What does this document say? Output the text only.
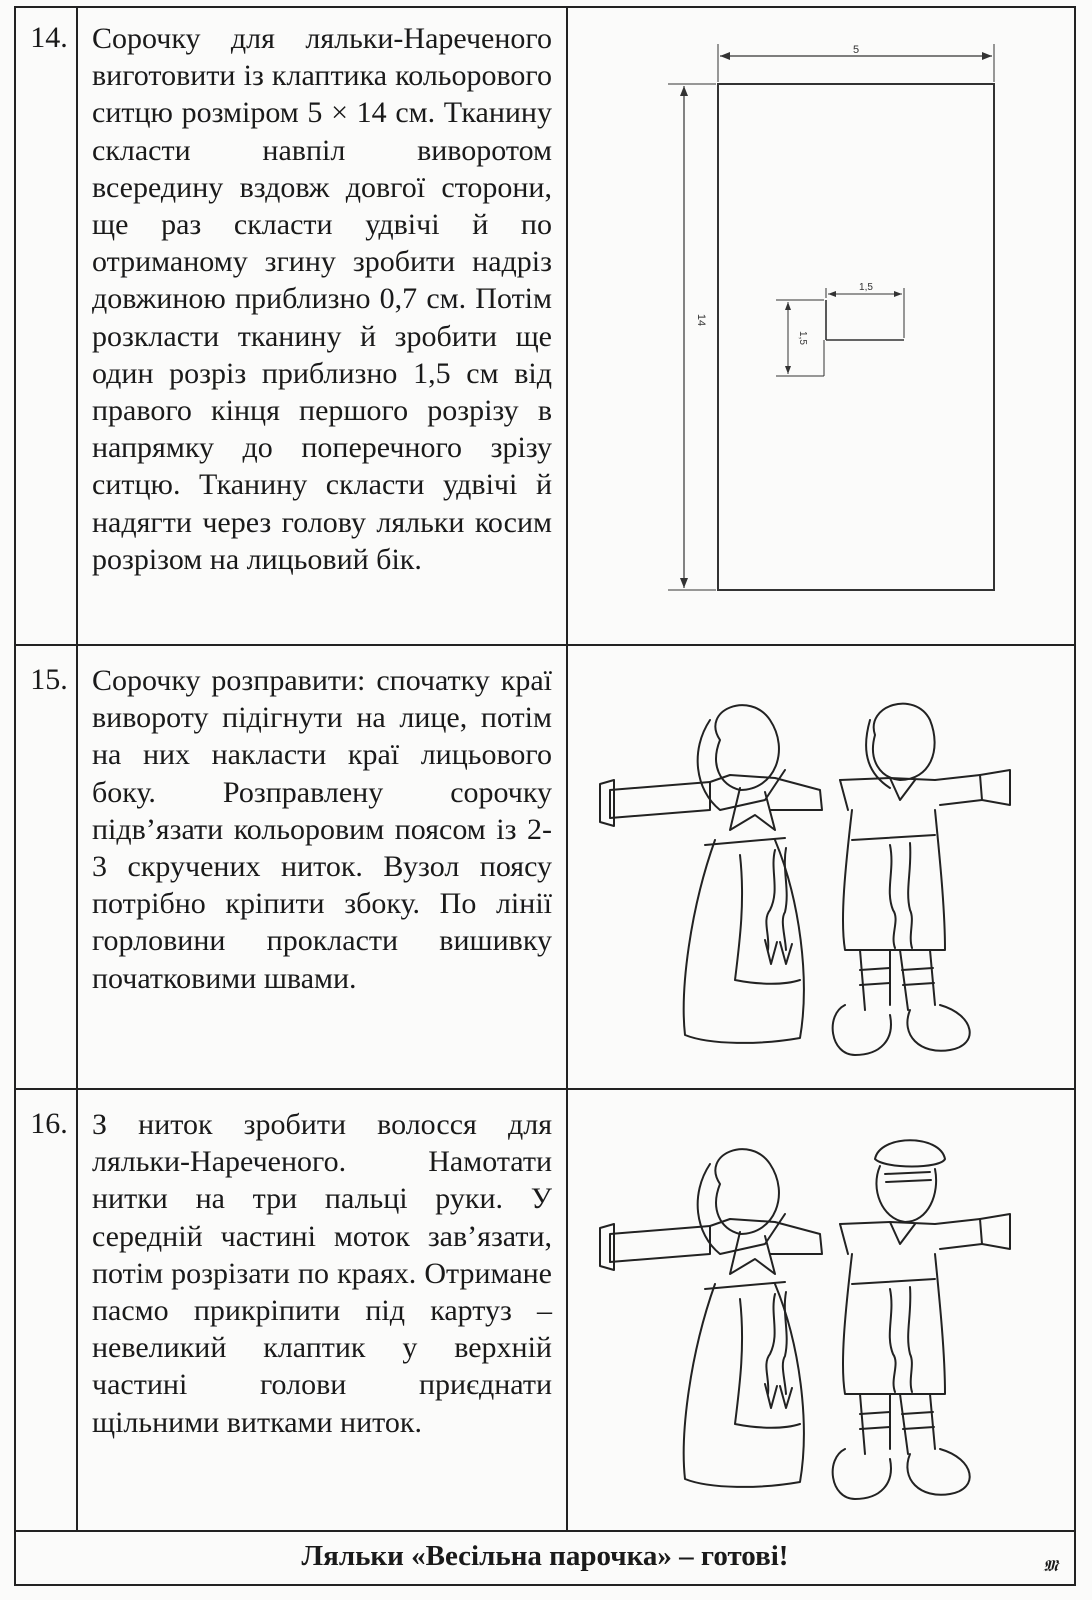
14. Сорочку для ляльки-Нареченого виготовити із клаптика кольорового ситцю розміром 5 × 14 см. Тканину скласти навпіл виворотом всередину вздовж довгої сторони, ще раз скласти удвічі й по отриманому згину зробити надріз довжиною приблизно 0,7 см. Потім розкласти тканину й зробити ще один розріз приблизно 1,5 см від правого кінця першого розрізу в напрямку до поперечного зрізу ситцю. Тканину скласти удвічі й надягти через голову ляльки косим розрізом на лицьовий бік.
5
14
1,5
1,5
15. Сорочку розправити: спочатку краї вивороту підігнути на лице, потім на них накласти краї лицьового боку. Розправлену сорочку підв’язати кольоровим поясом із 2-3 скручених ниток. Вузол поясу потрібно кріпити збоку. По лінії горловини прокласти вишивку початковими швами.
16. З ниток зробити волосся для ляльки-Нареченого. Намотати нитки на три пальці руки. У середній частині моток зав’язати, потім розрізати по краях. Отримане пасмо прикріпити під картуз – невеликий клаптик у верхній частині голови приєднати щільними витками ниток.
Ляльки «Весільна парочка» – готові!	𝕸
